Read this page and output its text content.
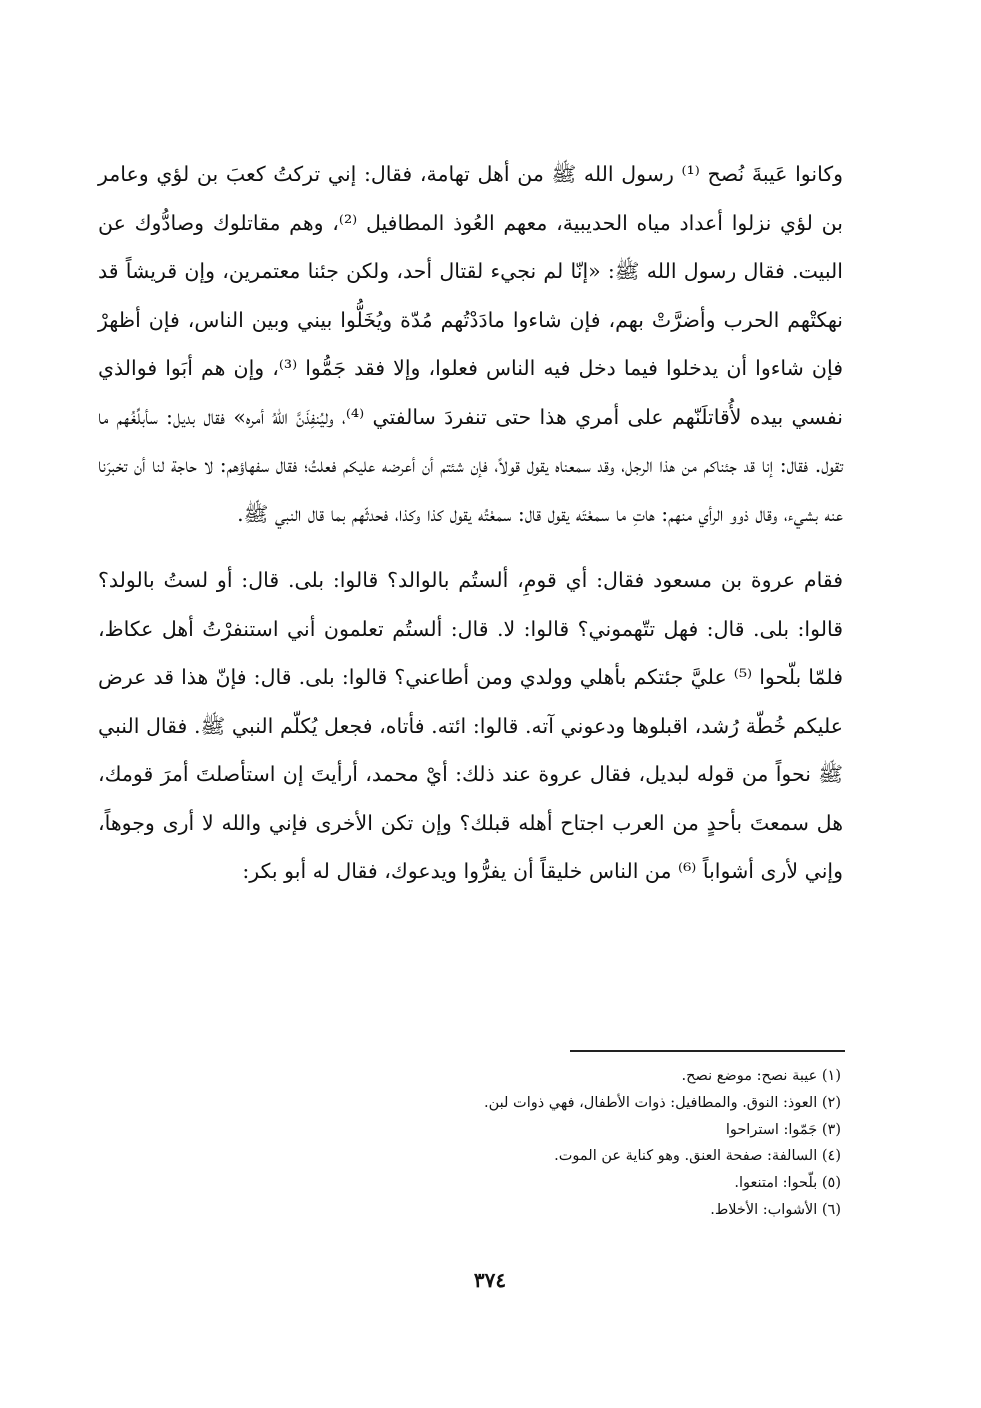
وكانوا عَيبةَ نُصح ⁽¹⁾ رسول الله ﷺ من أهل تهامة، فقال: إني تركتُ كعبَ بن لؤي وعامر بن لؤي نزلوا أعداد مياه الحديبية، معهم العُوذ المطافيل ⁽²⁾، وهم مقاتلوك وصادُّوك عن البيت. فقال رسول الله ﷺ: «إنّا لم نجيء لقتال أحد، ولكن جئنا معتمرين، وإن قريشاً قد نهكتْهم الحرب وأضرَّتْ بهم، فإن شاءوا مادَدْتُهم مُدّة ويُخَلُّوا بيني وبين الناس، فإن أظهرْ فإن شاءوا أن يدخلوا فيما دخل فيه الناس فعلوا، وإلا فقد جَمُّوا ⁽³⁾، وإن هم أبَوا فوالذي نفسي بيده لأُقاتلَنّهم على أمري هذا حتى تنفردَ سالفتي ⁽⁴⁾، وليُنفِذَنَّ اللهُ أمره» فقال بديل: سأبلِّغُهم ما تقول. فقال: إنا قد جئناكم من هذا الرجل، وقد سمعناه يقول قولاً، فإن شئتم أن أعرضه عليكم فعلتُ؛ فقال سفهاؤهم: لا حاجة لنا أن تخبرَنا عنه بشيء، وقال ذوو الرأي منهم: هاتِ ما سمعْتَه يقول قال: سمعْتُه يقول كذا وكذا، فحدثّهم بما قال النبي ﷺ.

فقام عروة بن مسعود فقال: أي قومِ، ألستُم بالوالد؟ قالوا: بلى. قال: أو لستُ بالولد؟ قالوا: بلى. قال: فهل تتّهموني؟ قالوا: لا. قال: ألستُم تعلمون أني استنفرْتُ أهل عكاظ، فلمّا بلّحوا ⁽⁵⁾ عليَّ جئتكم بأهلي وولدي ومن أطاعني؟ قالوا: بلى. قال: فإنّ هذا قد عرض عليكم خُطّة رُشد، اقبلوها ودعوني آته. قالوا: ائته. فأتاه، فجعل يُكلّم النبي ﷺ. فقال النبي ﷺ نحواً من قوله لبديل، فقال عروة عند ذلك: أيْ محمد، أرأيتَ إن استأصلتَ أمرَ قومك، هل سمعتَ بأحدٍ من العرب اجتاح أهله قبلك؟ وإن تكن الأخرى فإني والله لا أرى وجوهاً، وإني لأرى أشواباً ⁽⁶⁾ من الناس خليقاً أن يفرُّوا ويدعوك، فقال له أبو بكر:

(١) عيبة نصح: موضع نصح.
(٢) العوذ: النوق. والمطافيل: ذوات الأطفال، فهي ذوات لبن.
(٣) جَمّوا: استراحوا
(٤) السالفة: صفحة العنق. وهو كناية عن الموت.
(٥) بلّحوا: امتنعوا.
(٦) الأشواب: الأخلاط.
٣٧٤
